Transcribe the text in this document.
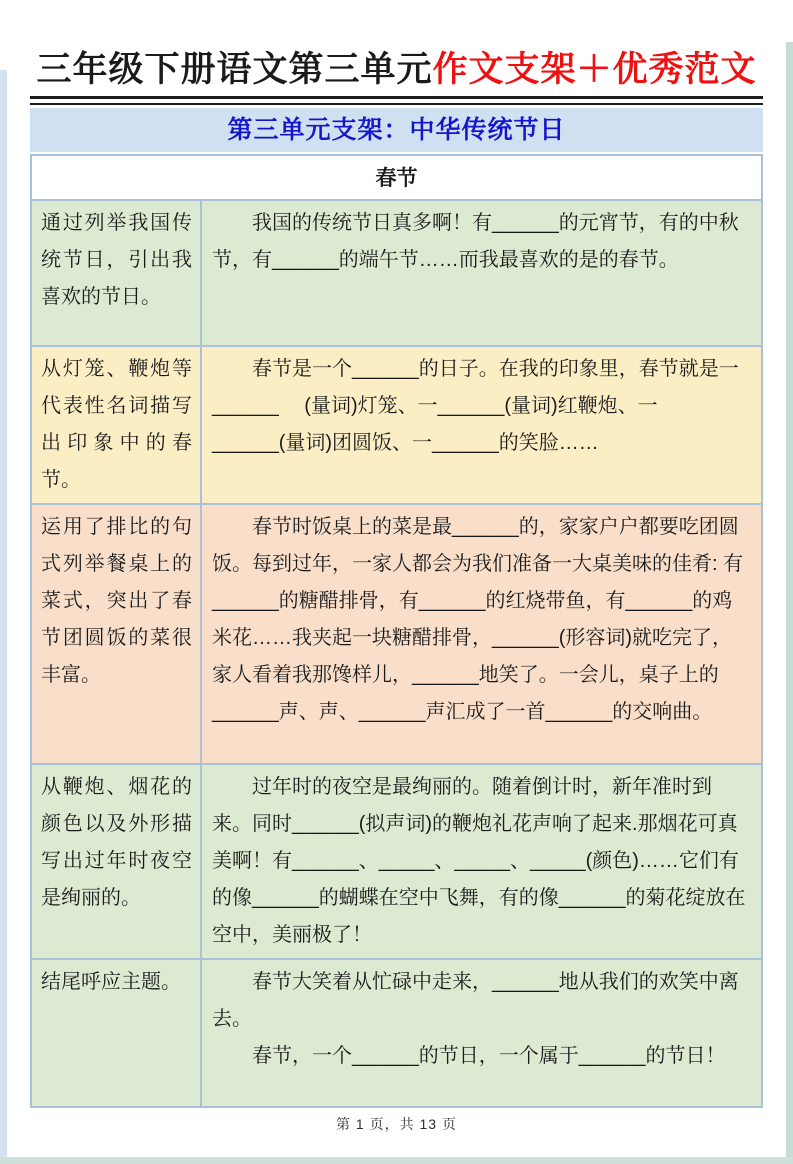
三年级下册语文第三单元作文支架＋优秀范文
第三单元支架：中华传统节日
春节
通过列举我国传统节日，引出我喜欢的节日。

我国的传统节日真多啊！有______的元宵节，有的中秋节，有______的端午节……而我最喜欢的是的春节。

从灯笼、鞭炮等代表性名词描写出印象中的春节。

春节是一个______的日子。在我的印象里，春节就是一______　 (量词)灯笼、一______(量词)红鞭炮、一______(量词)团圆饭、一______的笑脸……

运用了排比的句式列举餐桌上的菜式，突出了春节团圆饭的菜很丰富。

春节时饭桌上的菜是最______的，家家户户都要吃团圆饭。每到过年，一家人都会为我们准备一大桌美味的佳肴: 有______的糖醋排骨，有______的红烧带鱼，有______的鸡米花……我夹起一块糖醋排骨，______(形容词)就吃完了，家人看着我那馋样儿，______地笑了。一会儿，桌子上的______声、声、______声汇成了一首______的交响曲。

从鞭炮、烟花的颜色以及外形描写出过年时夜空是绚丽的。

过年时的夜空是最绚丽的。随着倒计时，新年准时到来。同时______(拟声词)的鞭炮礼花声响了起来.那烟花可真美啊！有______、_____、_____、_____(颜色)……它们有的像______的蝴蝶在空中飞舞，有的像______的菊花绽放在空中，美丽极了！

结尾呼应主题。	春节大笑着从忙碌中走来，______地从我们的欢笑中离去。

春节，一个______的节日，一个属于______的节日！

第 1 页，共 13 页
